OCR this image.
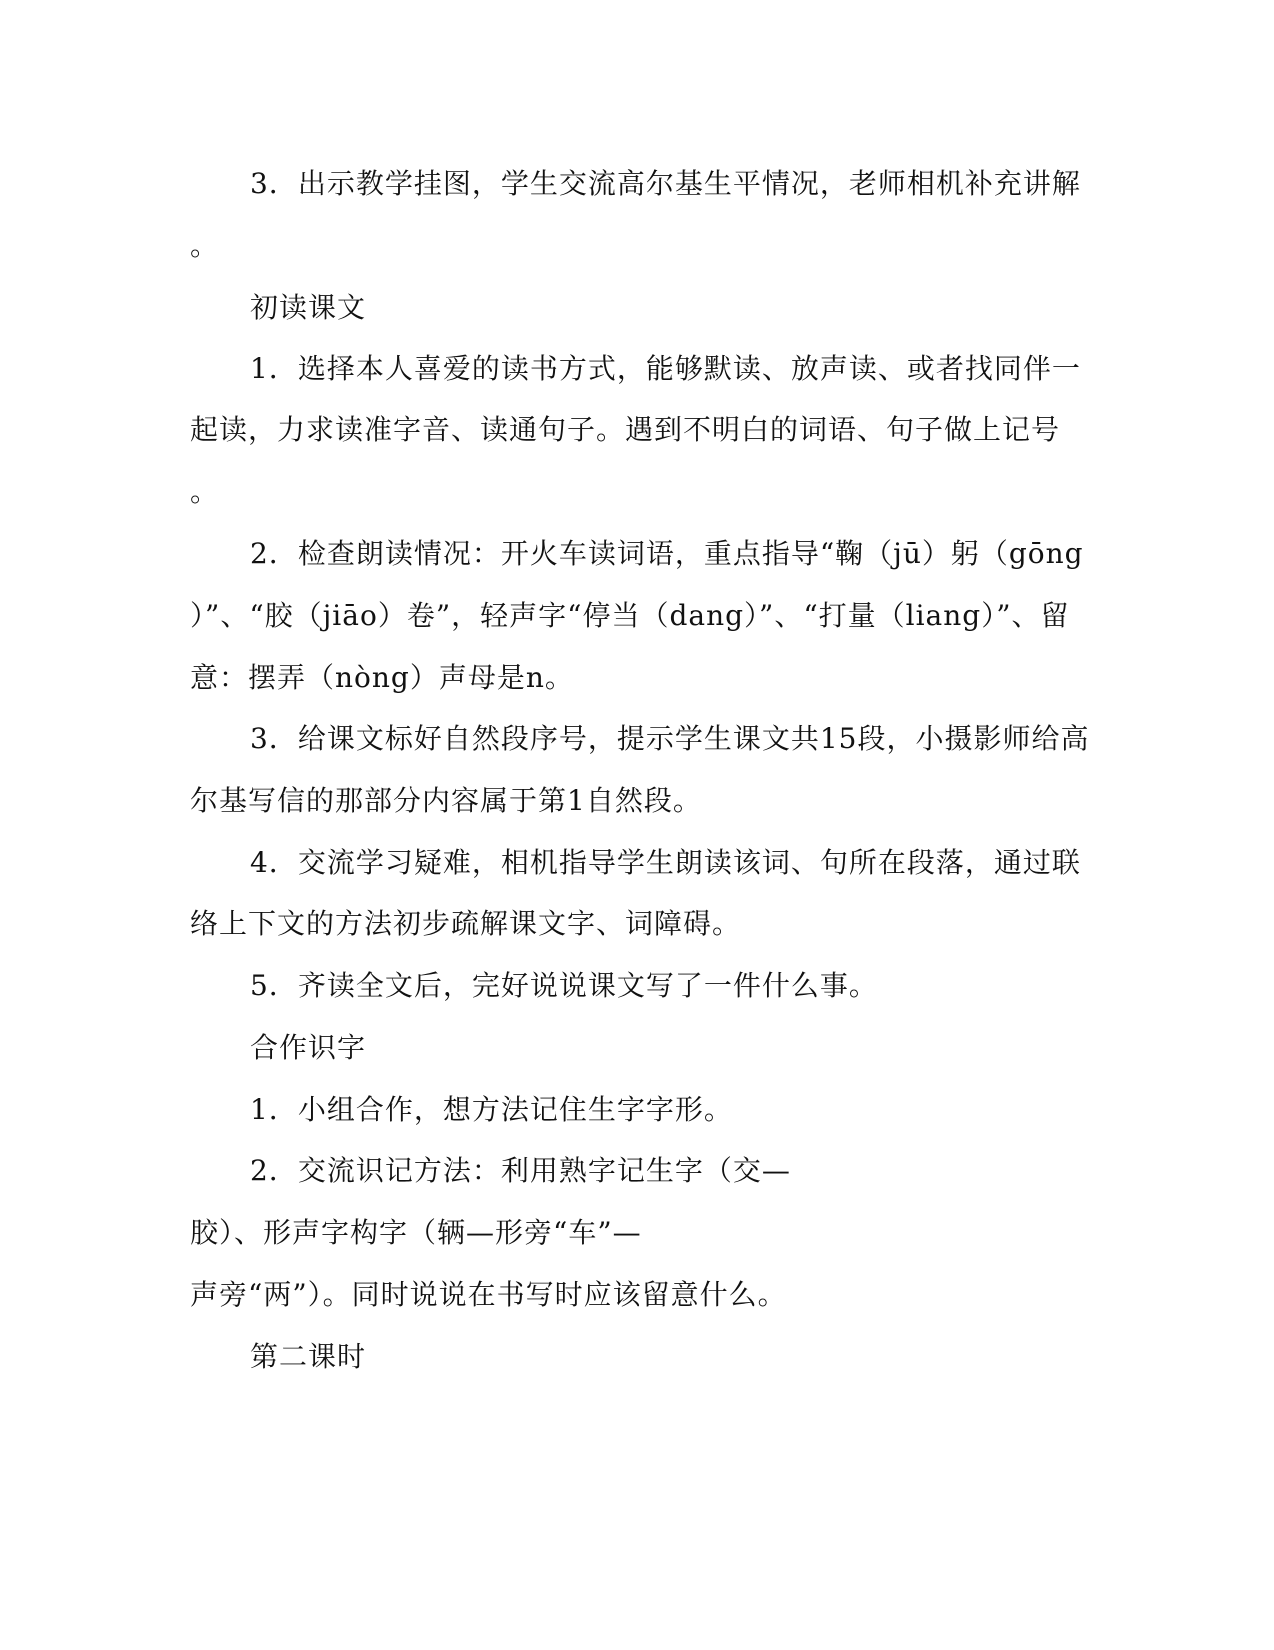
3．出示教学挂图，学生交流高尔基生平情况，老师相机补充讲解
。
初读课文
1．选择本人喜爱的读书方式，能够默读、放声读、或者找同伴一
起读，力求读准字音、读通句子。遇到不明白的词语、句子做上记号
。
2．检查朗读情况：开火车读词语，重点指导“鞠（jū）躬（gōng
）”、“胶（jiāo）卷”，轻声字“停当（dang）”、“打量（liang）”、留
意：摆弄（nòng）声母是n。
3．给课文标好自然段序号，提示学生课文共15段，小摄影师给高
尔基写信的那部分内容属于第1自然段。
4．交流学习疑难，相机指导学生朗读该词、句所在段落，通过联
络上下文的方法初步疏解课文字、词障碍。
5．齐读全文后，完好说说课文写了一件什么事。
合作识字
1．小组合作，想方法记住生字字形。
2．交流识记方法：利用熟字记生字（交—
胶）、形声字构字（辆—形旁“车”—
声旁“两”）。同时说说在书写时应该留意什么。
第二课时
